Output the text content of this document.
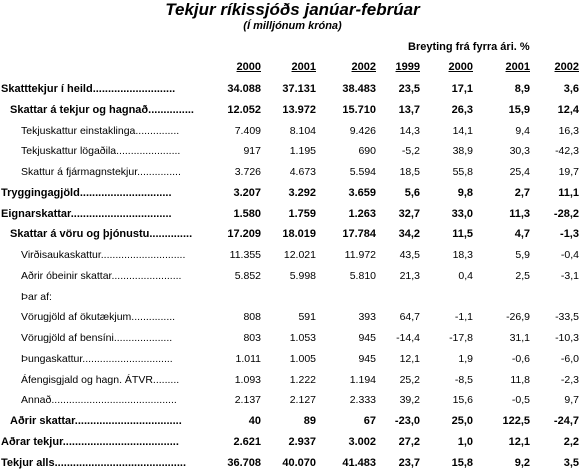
Tekjur ríkissjóðs janúar-febrúar
(Í milljónum króna)
Breyting frá fyrra ári. %
2000	2001	2002	1999	2000	2001	2002
Skatttekjur í heild...........................	34.088	37.131	38.483	23,5	17,1	8,9	3,6
Skattar á tekjur og hagnað...............	12.052	13.972	15.710	13,7	26,3	15,9	12,4
Tekjuskattur einstaklinga...............	7.409	8.104	9.426	14,3	14,1	9,4	16,3
Tekjuskattur lögaðila......................	917	1.195	690	-5,2	38,9	30,3	-42,3
Skattur á fjármagnstekjur...............	3.726	4.673	5.594	18,5	55,8	25,4	19,7
Tryggingagjöld..............................	3.207	3.292	3.659	5,6	9,8	2,7	11,1
Eignarskattar.................................	1.580	1.759	1.263	32,7	33,0	11,3	-28,2
Skattar á vöru og þjónustu..............	17.209	18.019	17.784	34,2	11,5	4,7	-1,3
Virðisaukaskattur.............................	11.355	12.021	11.972	43,5	18,3	5,9	-0,4
Aðrir óbeinir skattar........................	5.852	5.998	5.810	21,3	0,4	2,5	-3,1
Þar af:
Vörugjöld af ökutækjum...............	808	591	393	64,7	-1,1	-26,9	-33,5
Vörugjöld af bensíni....................	803	1.053	945	-14,4	-17,8	31,1	-10,3
Þungaskattur...............................	1.011	1.005	945	12,1	1,9	-0,6	-6,0
Áfengisgjald og hagn. ÁTVR.........	1.093	1.222	1.194	25,2	-8,5	11,8	-2,3
Annað...........................................	2.137	2.127	2.333	39,2	15,6	-0,5	9,7
Aðrir skattar...................................	40	89	67	-23,0	25,0	122,5	-24,7
Aðrar tekjur......................................	2.621	2.937	3.002	27,2	1,0	12,1	2,2
Tekjur alls...........................................	36.708	40.070	41.483	23,7	15,8	9,2	3,5
